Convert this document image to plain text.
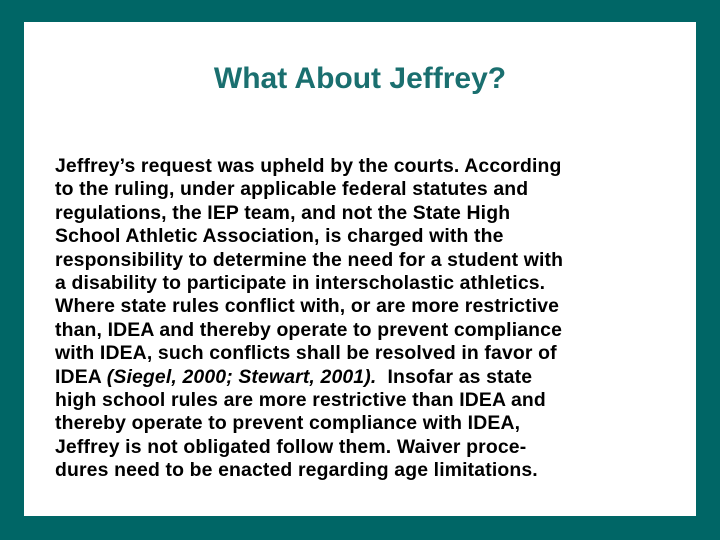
What About Jeffrey?

Jeffrey’s request was upheld by the courts. According
to the ruling, under applicable federal statutes and
regulations, the IEP team, and not the State High
School Athletic Association, is charged with the
responsibility to determine the need for a student with
a disability to participate in interscholastic athletics.
Where state rules conflict with, or are more restrictive
than, IDEA and thereby operate to prevent compliance
with IDEA, such conflicts shall be resolved in favor of
IDEA (Siegel, 2000; Stewart, 2001).  Insofar as state
high school rules are more restrictive than IDEA and
thereby operate to prevent compliance with IDEA,
Jeffrey is not obligated follow them. Waiver proce-
dures need to be enacted regarding age limitations.
